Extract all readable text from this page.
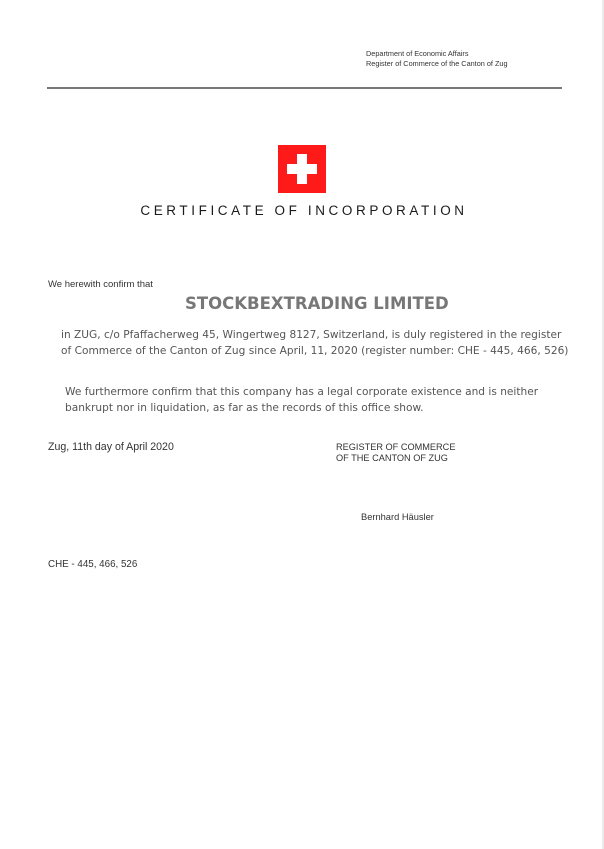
Department of Economic Affairs
Register of Commerce of the Canton of Zug
CERTIFICATE OF INCORPORATION
We herewith confirm that
STOCKBEXTRADING LIMITED
in ZUG, c/o Pfaffacherweg 45, Wingertweg 8127, Switzerland, is duly registered in the register of Commerce of the Canton of Zug since April, 11, 2020 (register number: CHE - 445, 466, 526)
We furthermore confirm that this company has a legal corporate existence and is neither bankrupt nor in liquidation, as far as the records of this office show.
Zug, 11th day of April 2020	REGISTER OF COMMERCE
OF THE CANTON OF ZUG
Bernhard Häusler
CHE - 445, 466, 526
